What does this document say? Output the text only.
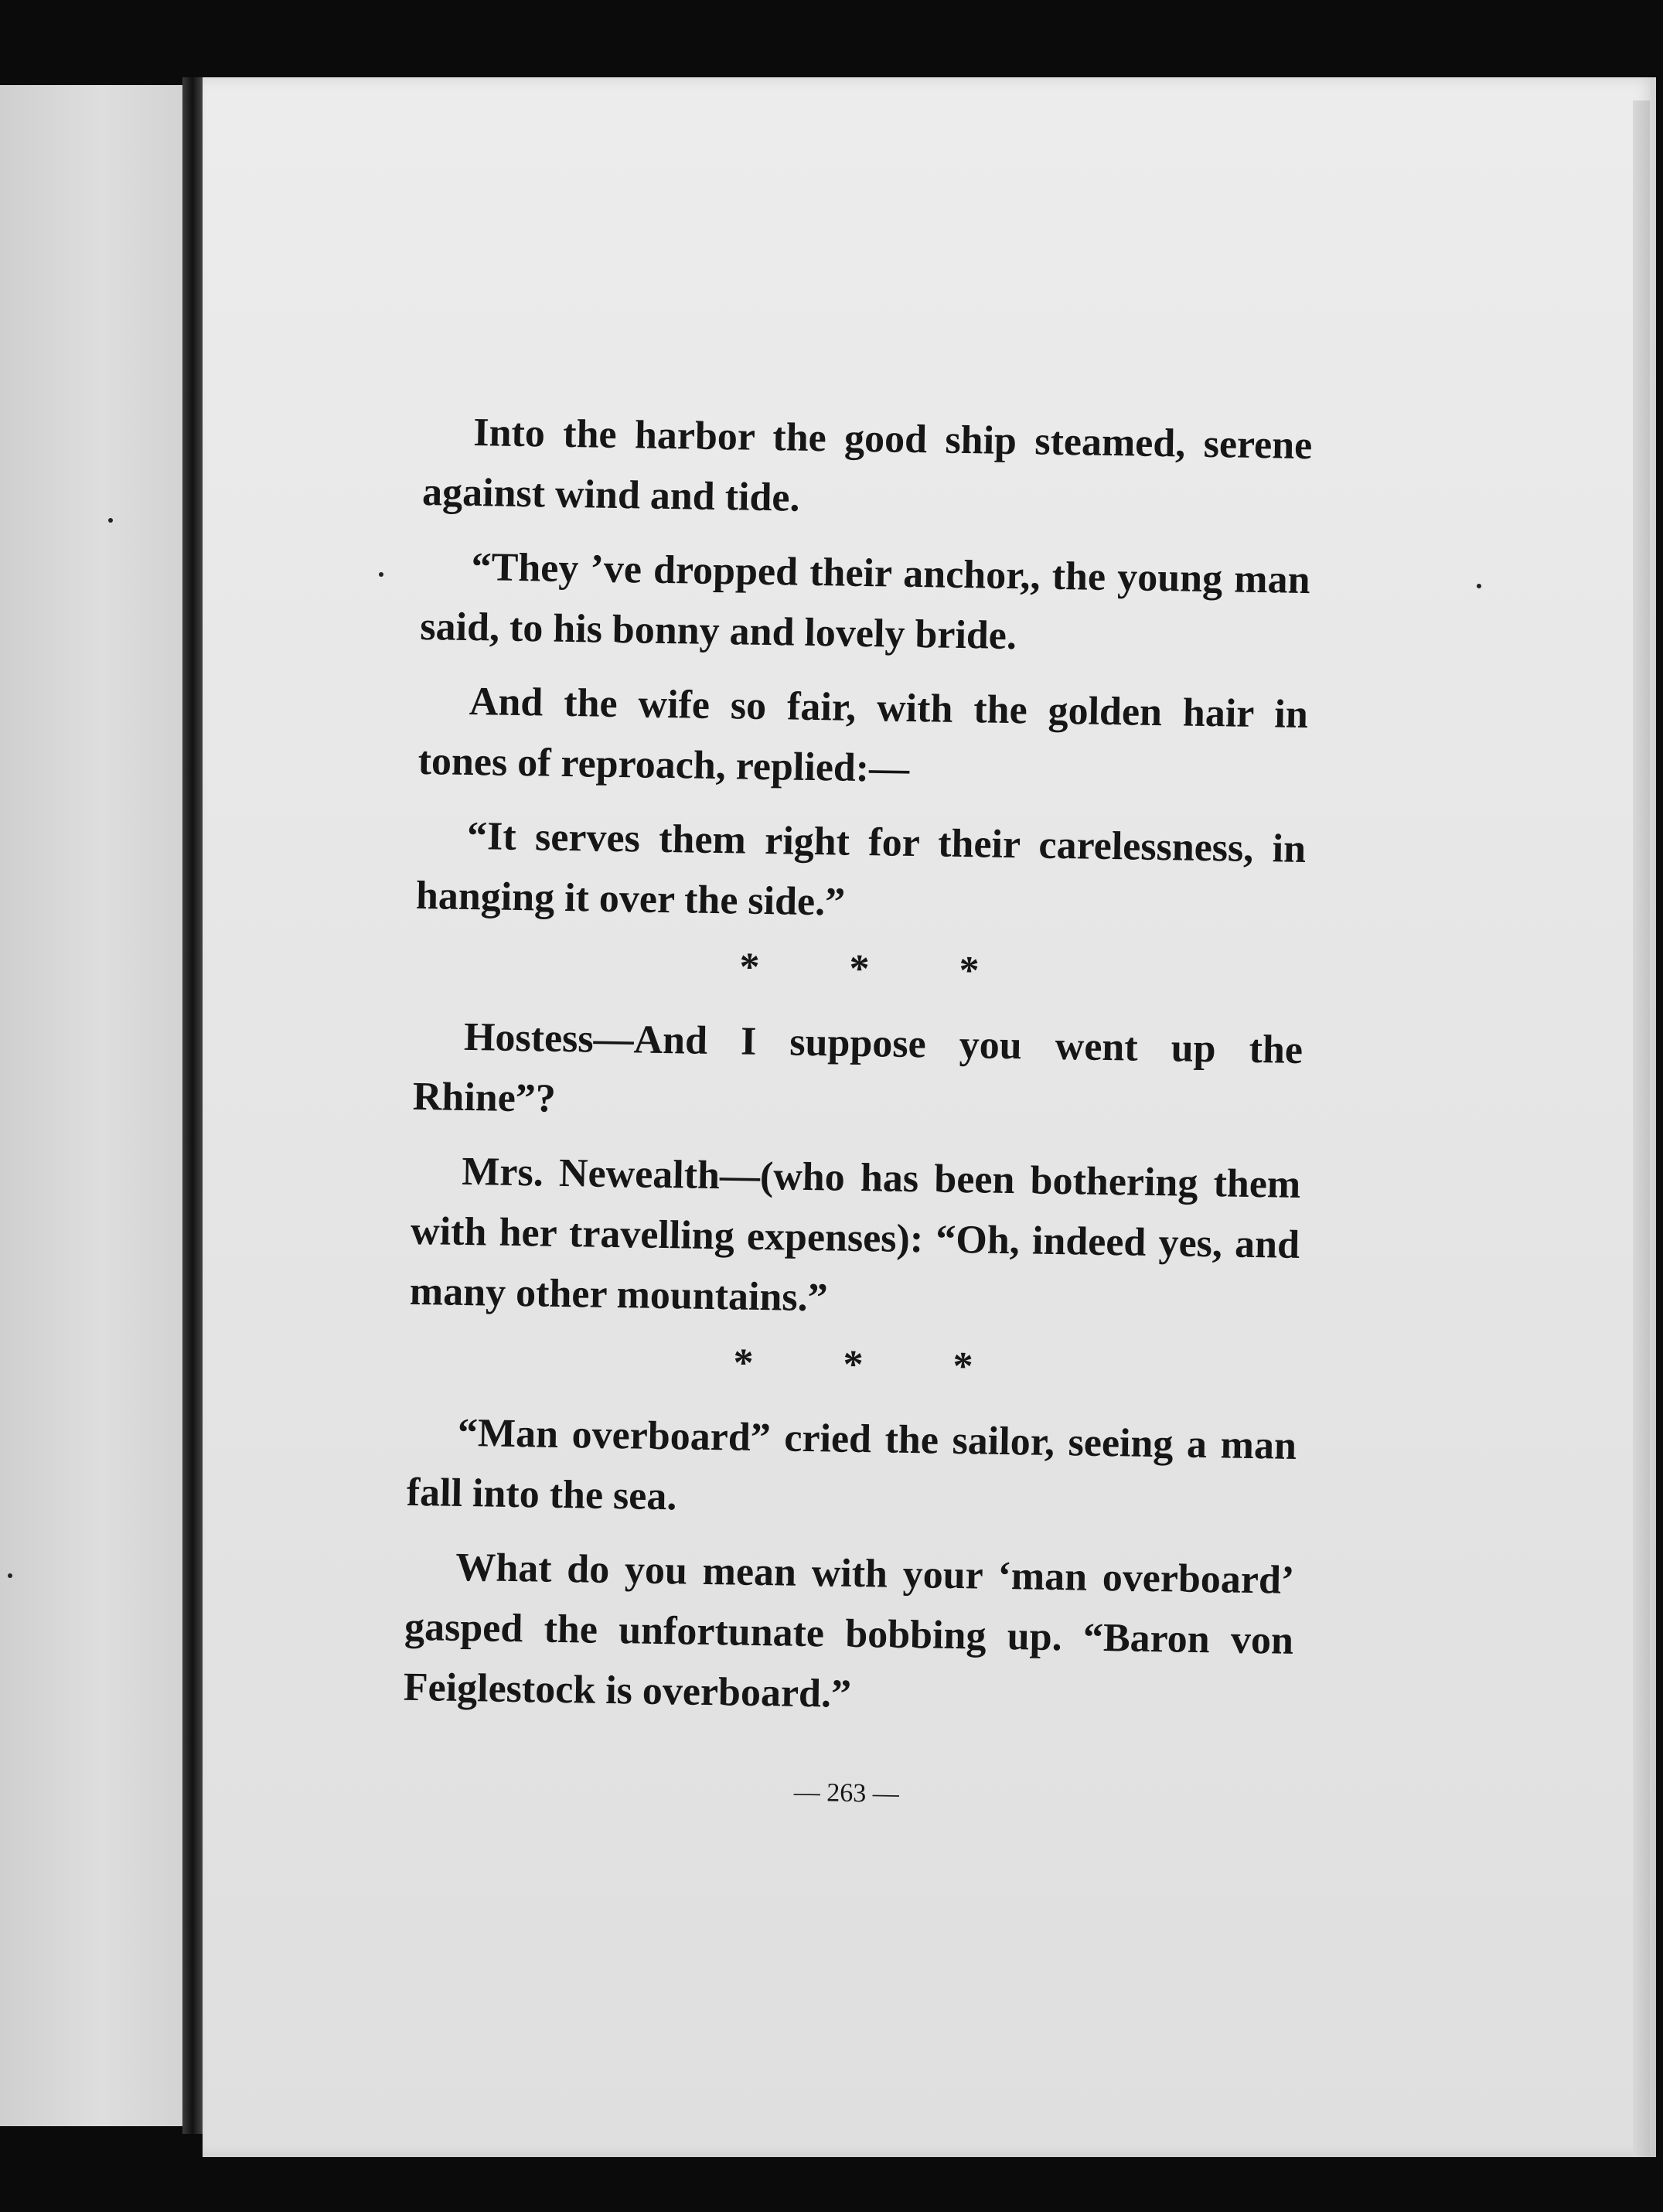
Into the harbor the good ship steamed, serene against wind and tide.

“They ’ve dropped their anchor,, the young man said, to his bonny and lovely bride.

And the wife so fair, with the golden hair in tones of reproach, replied:—

“It serves them right for their carelessness, in hanging it over the side.”

* * *

Hostess—And I suppose you went up the Rhine”?

Mrs. Newealth—(who has been bothering them with her travelling expenses): “Oh, indeed yes, and many other mountains.”

* * *

“Man overboard” cried the sailor, seeing a man fall into the sea.

What do you mean with your ‘man overboard’ gasped the unfortunate bobbing up. “Baron von Feiglestock is overboard.”

— 263 —
